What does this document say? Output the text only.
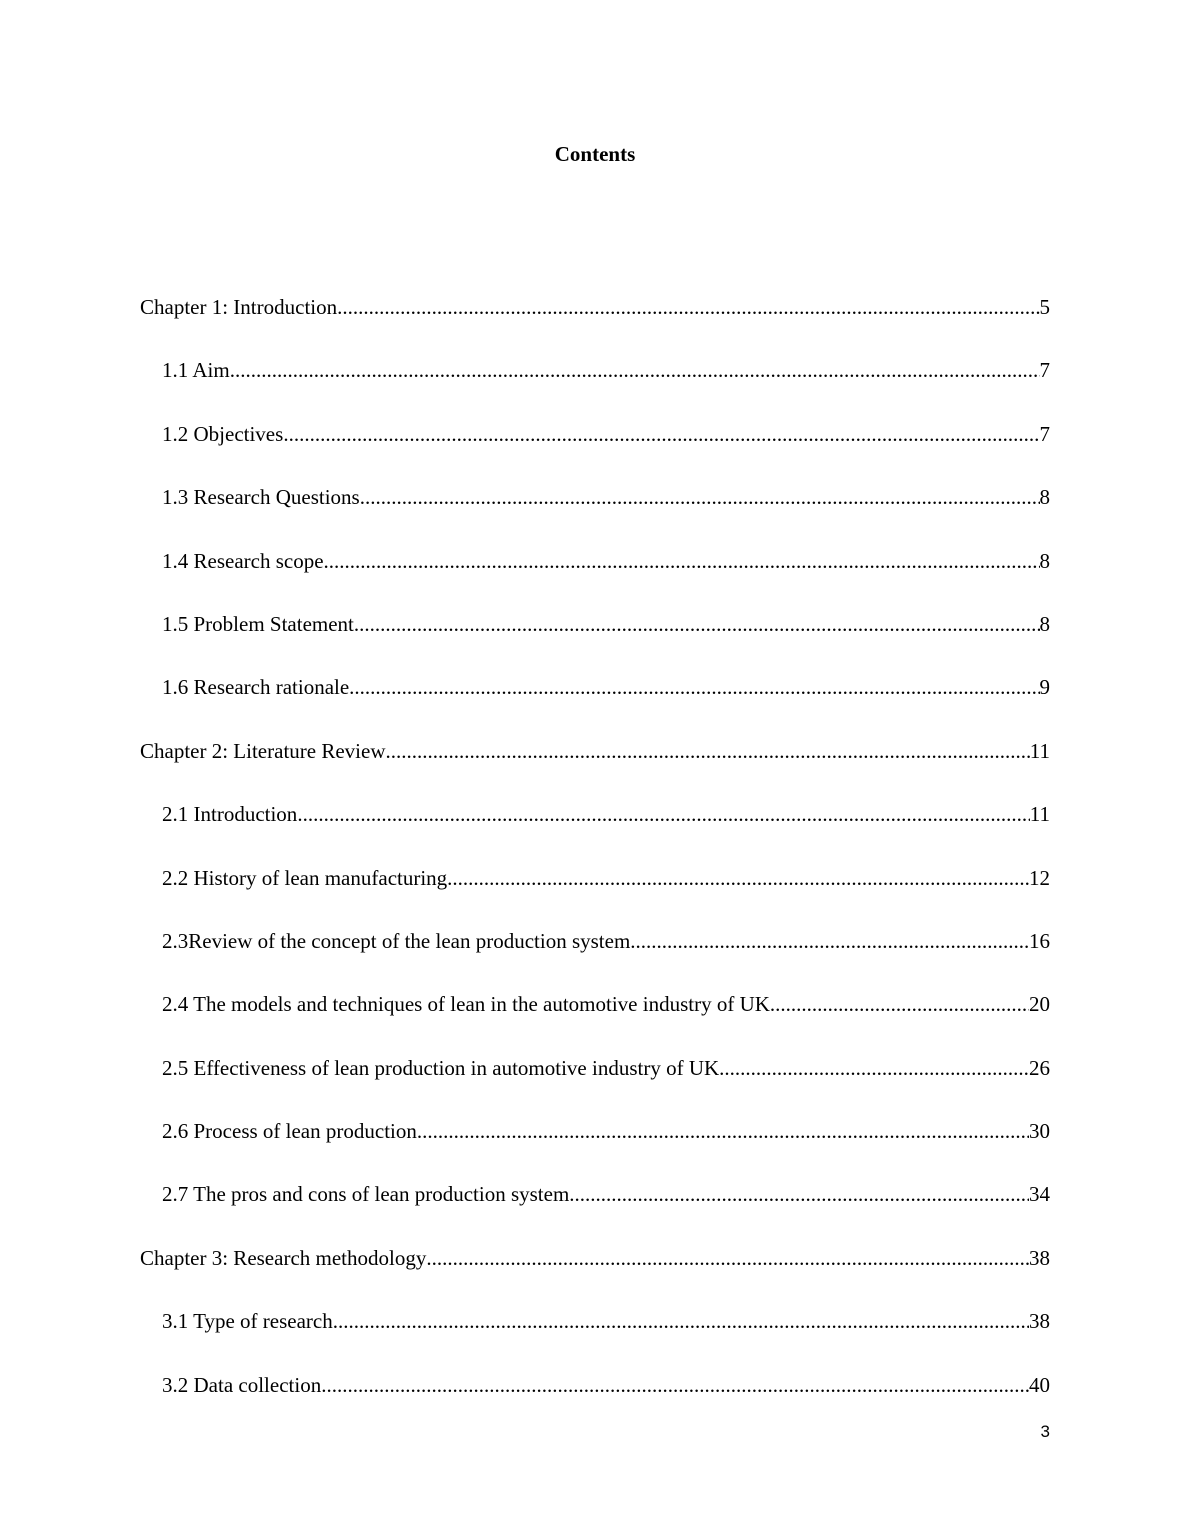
Contents
Chapter 1: Introduction .....	5
1.1 Aim .....	7
1.2 Objectives .....	7
1.3 Research Questions .....	8
1.4 Research scope .....	8
1.5 Problem Statement .....	8
1.6 Research rationale .....	9
Chapter 2: Literature Review .....	11
2.1 Introduction .....	11
2.2 History of lean manufacturing .....	12
2.3Review of the concept of the lean production system .....	16
2.4 The models and techniques of lean in the automotive industry of UK .....	20
2.5 Effectiveness of lean production in automotive industry of UK .....	26
2.6 Process of lean production .....	30
2.7 The pros and cons of lean production system .....	34
Chapter 3: Research methodology .....	38
3.1 Type of research .....	38
3.2 Data collection .....	40
3
